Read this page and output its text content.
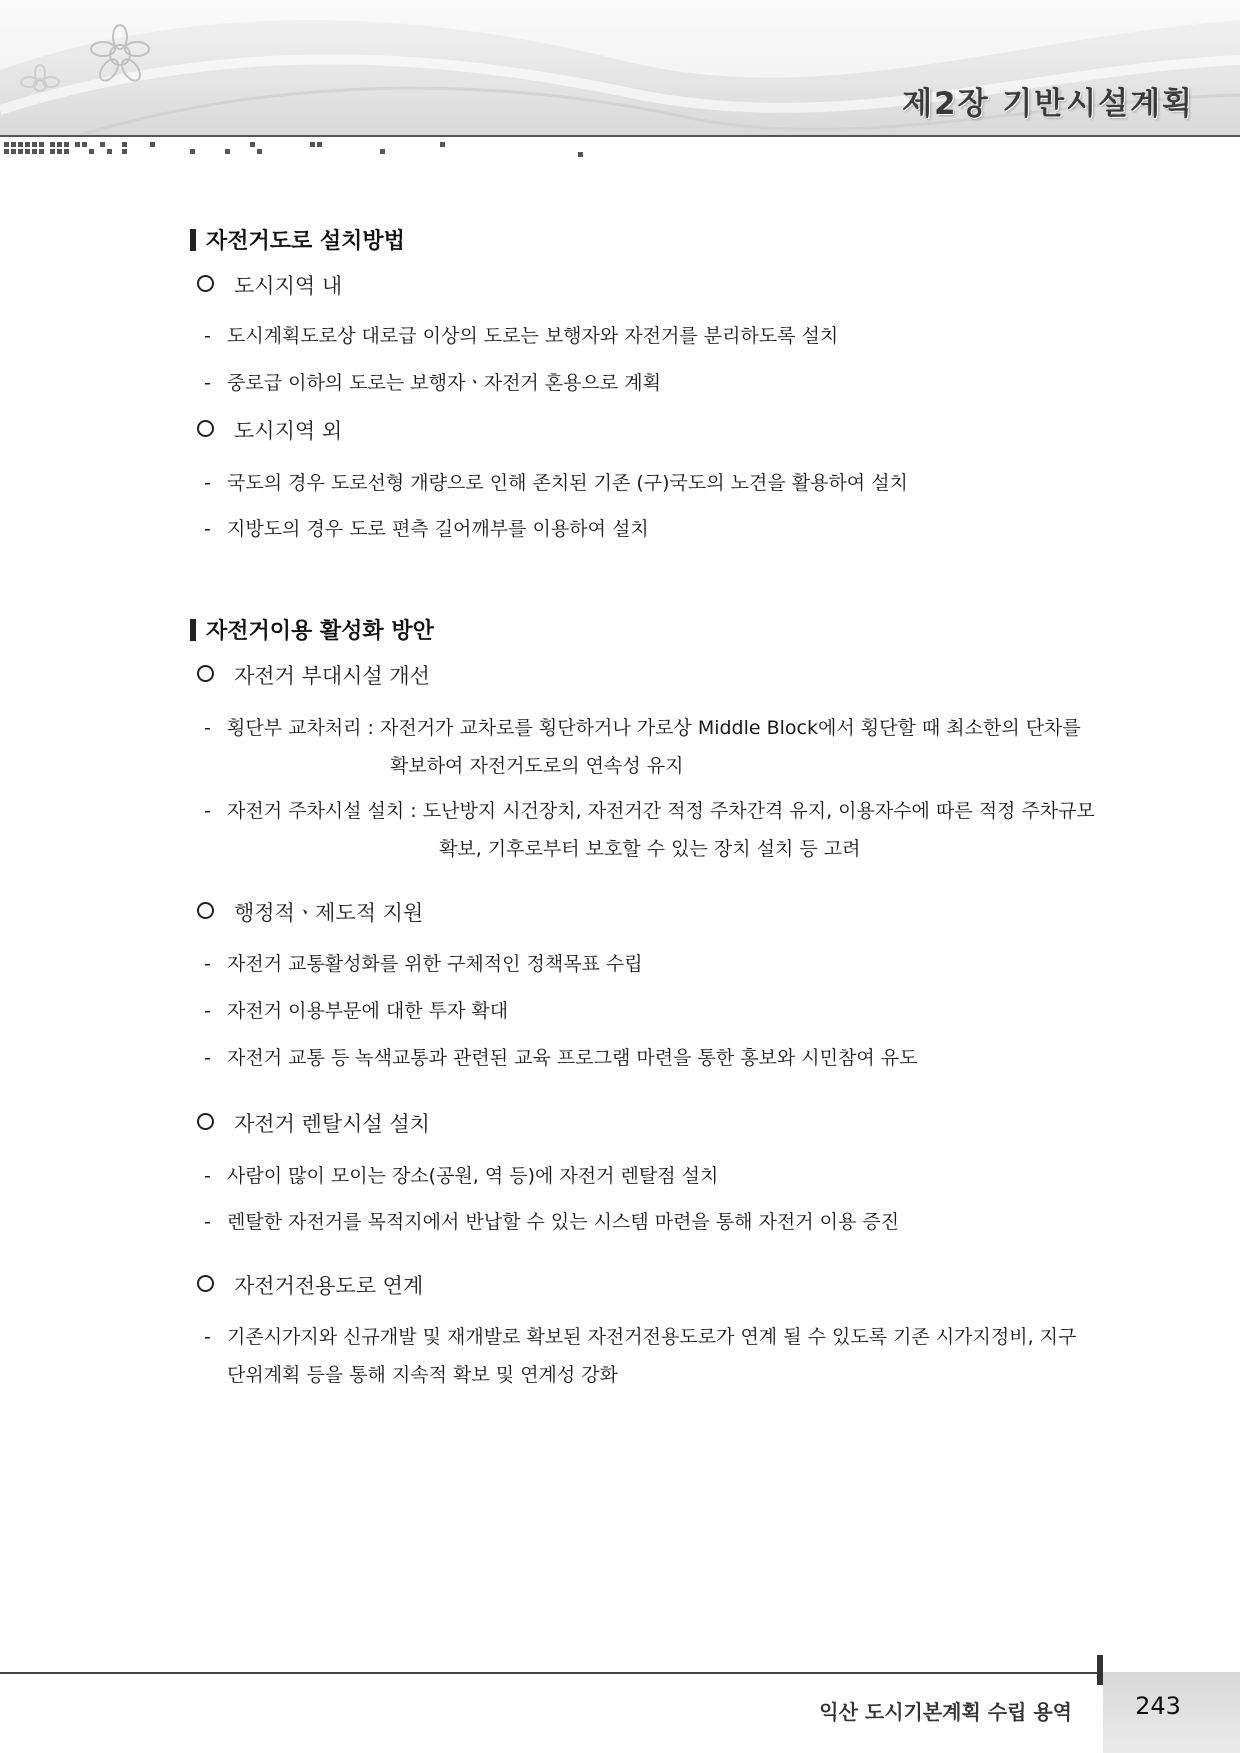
제2장 기반시설계획
자전거도로 설치방법
도시지역 내
- 도시계획도로상 대로급 이상의 도로는 보행자와 자전거를 분리하도록 설치
- 중로급 이하의 도로는 보행자ㆍ자전거 혼용으로 계획
도시지역 외
- 국도의 경우 도로선형 개량으로 인해 존치된 기존 (구)국도의 노견을 활용하여 설치
- 지방도의 경우 도로 편측 길어깨부를 이용하여 설치
자전거이용 활성화 방안
자전거 부대시설 개선
- 횡단부 교차처리 : 자전거가 교차로를 횡단하거나 가로상 Middle Block에서 횡단할 때 최소한의 단차를
확보하여 자전거도로의 연속성 유지
- 자전거 주차시설 설치 : 도난방지 시건장치, 자전거간 적정 주차간격 유지, 이용자수에 따른 적정 주차규모
확보, 기후로부터 보호할 수 있는 장치 설치 등 고려
행정적ㆍ제도적 지원
- 자전거 교통활성화를 위한 구체적인 정책목표 수립
- 자전거 이용부문에 대한 투자 확대
- 자전거 교통 등 녹색교통과 관련된 교육 프로그램 마련을 통한 홍보와 시민참여 유도
자전거 렌탈시설 설치
- 사람이 많이 모이는 장소(공원, 역 등)에 자전거 렌탈점 설치
- 렌탈한 자전거를 목적지에서 반납할 수 있는 시스템 마련을 통해 자전거 이용 증진
자전거전용도로 연계
- 기존시가지와 신규개발 및 재개발로 확보된 자전거전용도로가 연계 될 수 있도록 기존 시가지정비, 지구
단위계획 등을 통해 지속적 확보 및 연계성 강화
익산 도시기본계획 수립 용역	243
